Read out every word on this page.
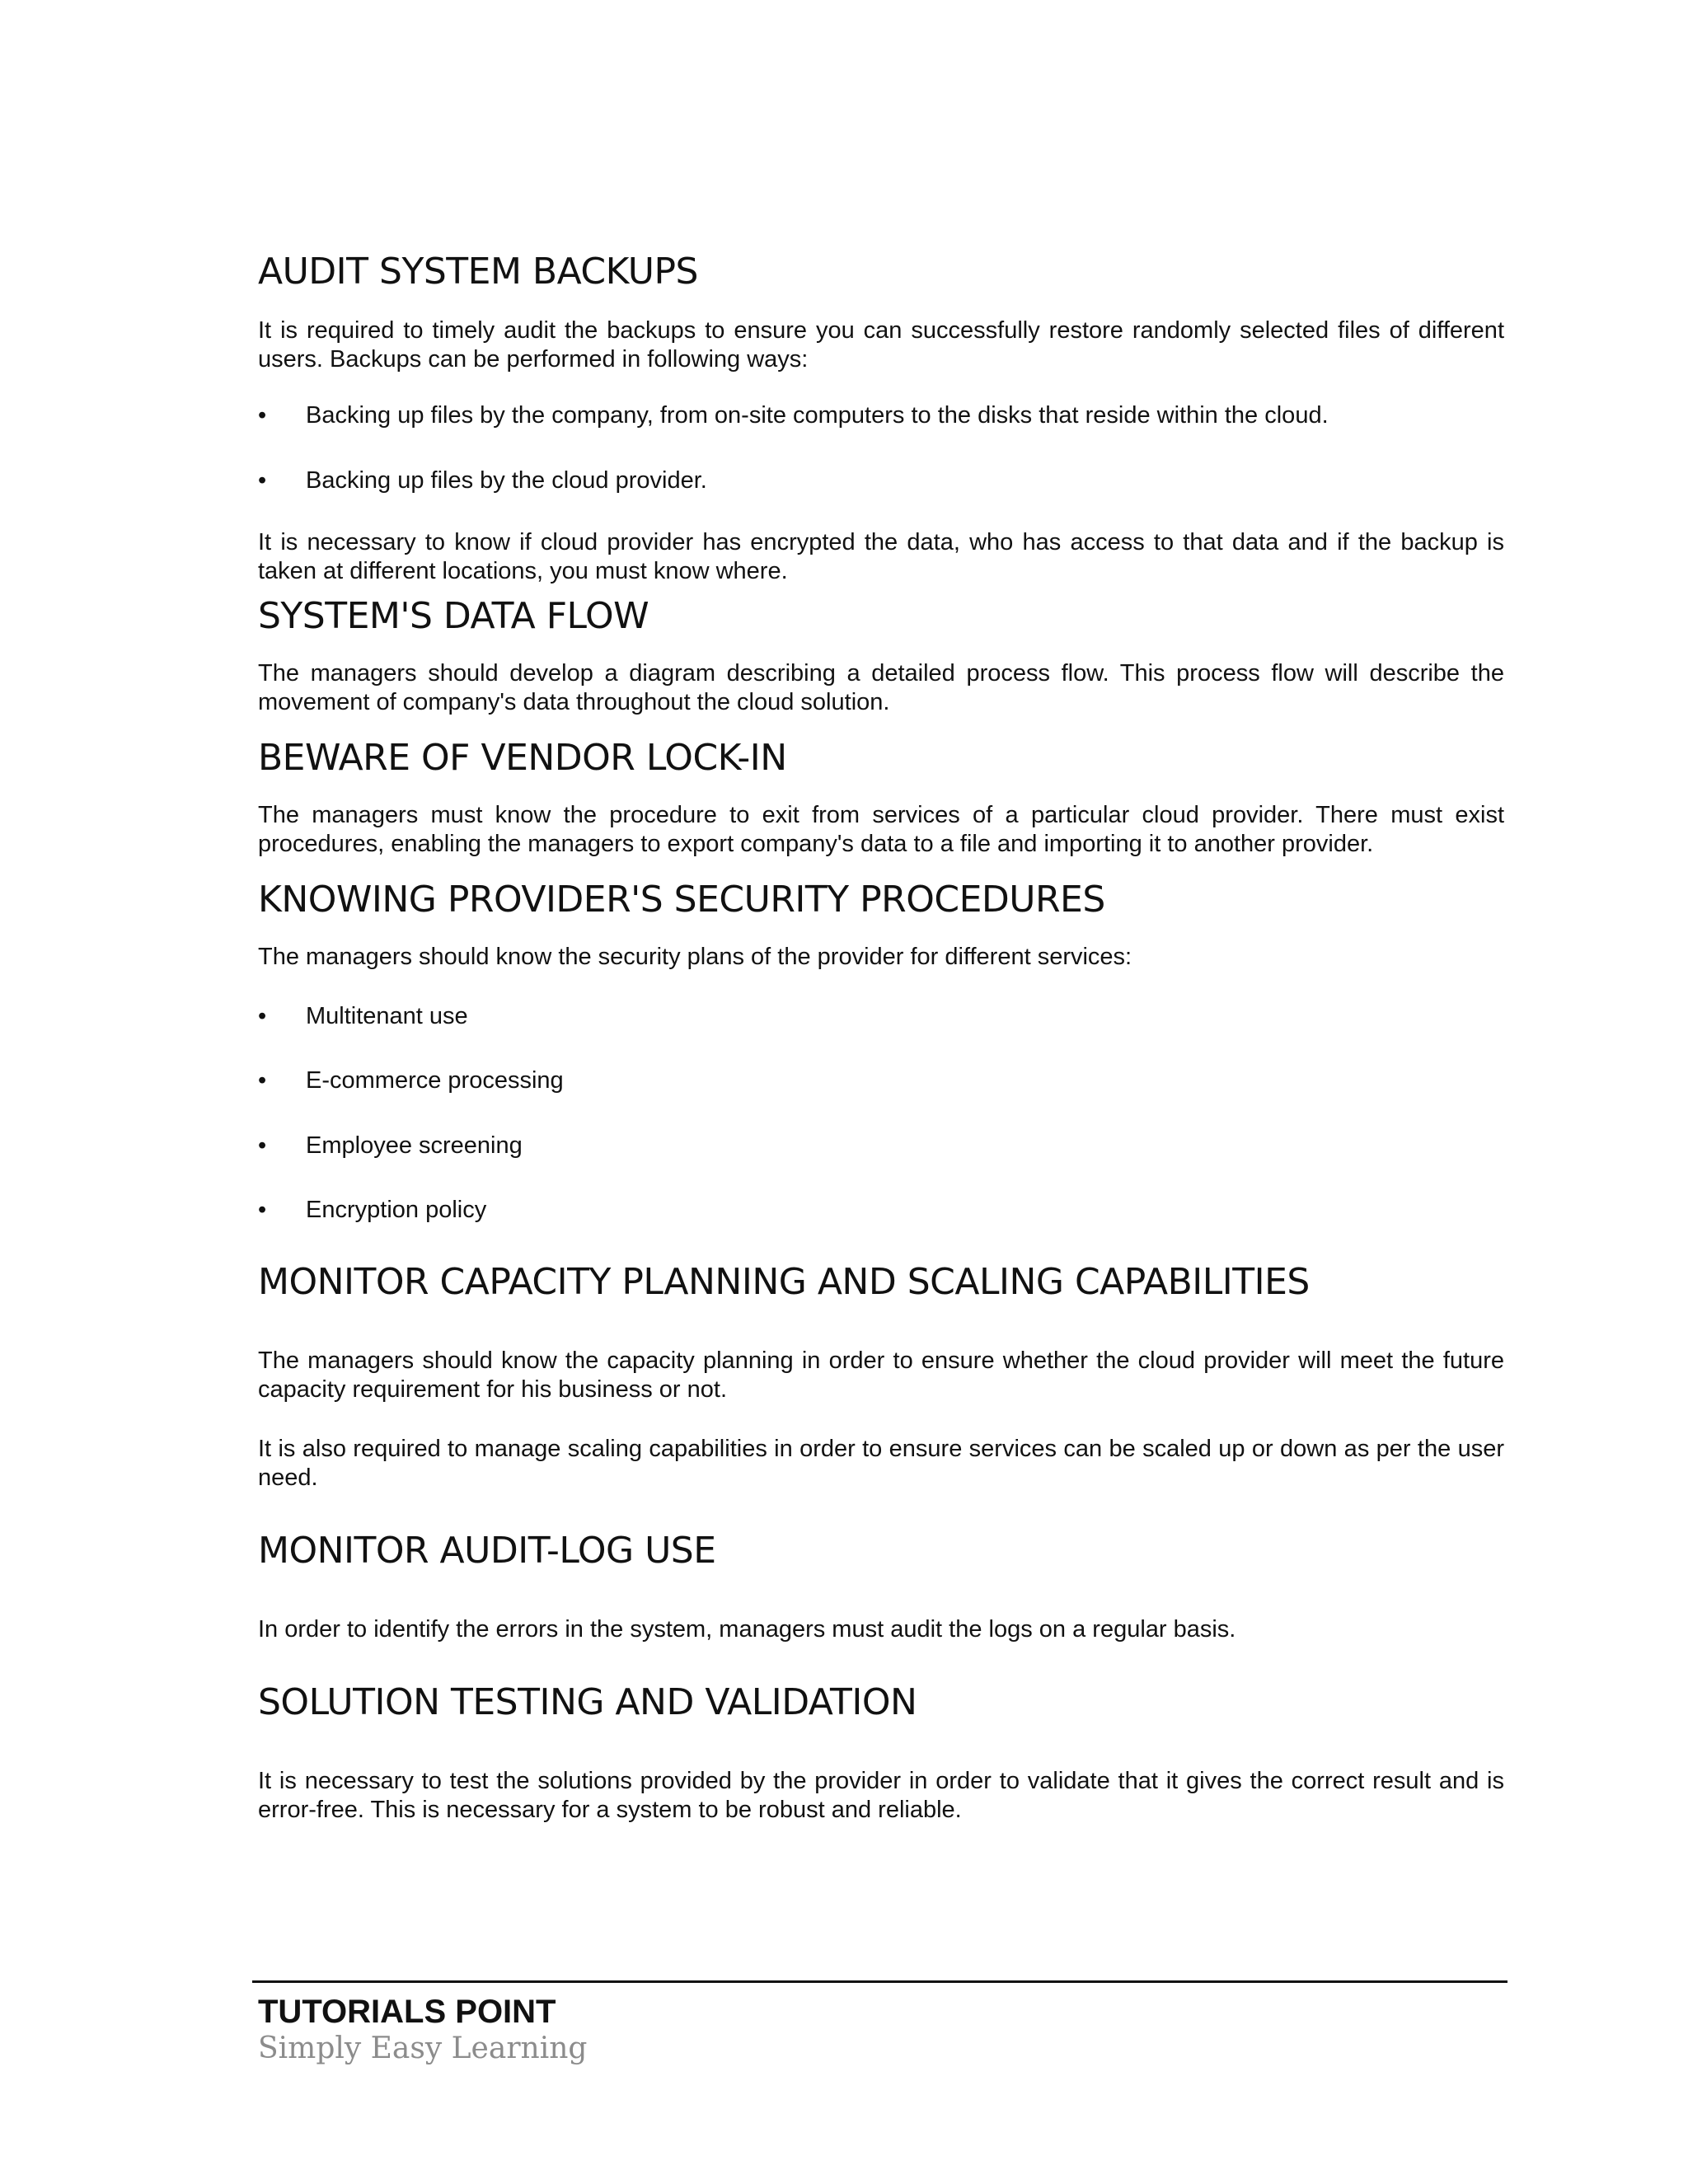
AUDIT SYSTEM BACKUPS

It is required to timely audit the backups to ensure you can successfully restore randomly selected files of different users. Backups can be performed in following ways:

•	Backing up files by the company, from on-site computers to the disks that reside within the cloud.
•	Backing up files by the cloud provider.

It is necessary to know if cloud provider has encrypted the data, who has access to that data and if the backup is taken at different locations, you must know where.

SYSTEM'S DATA FLOW

The managers should develop a diagram describing a detailed process flow. This process flow will describe the movement of company's data throughout the cloud solution.

BEWARE OF VENDOR LOCK-IN

The managers must know the procedure to exit from services of a particular cloud provider. There must exist procedures, enabling the managers to export company's data to a file and importing it to another provider.

KNOWING PROVIDER'S SECURITY PROCEDURES

The managers should know the security plans of the provider for different services:

•	Multitenant use
•	E-commerce processing
•	Employee screening
•	Encryption policy
MONITOR CAPACITY PLANNING AND SCALING CAPABILITIES

The managers should know the capacity planning in order to ensure whether the cloud provider will meet the future capacity requirement for his business or not.

It is also required to manage scaling capabilities in order to ensure services can be scaled up or down as per the user need.

MONITOR AUDIT-LOG USE

In order to identify the errors in the system, managers must audit the logs on a regular basis.

SOLUTION TESTING AND VALIDATION

It is necessary to test the solutions provided by the provider in order to validate that it gives the correct result and is error-free. This is necessary for a system to be robust and reliable.

TUTORIALS POINT
Simply Easy Learning
